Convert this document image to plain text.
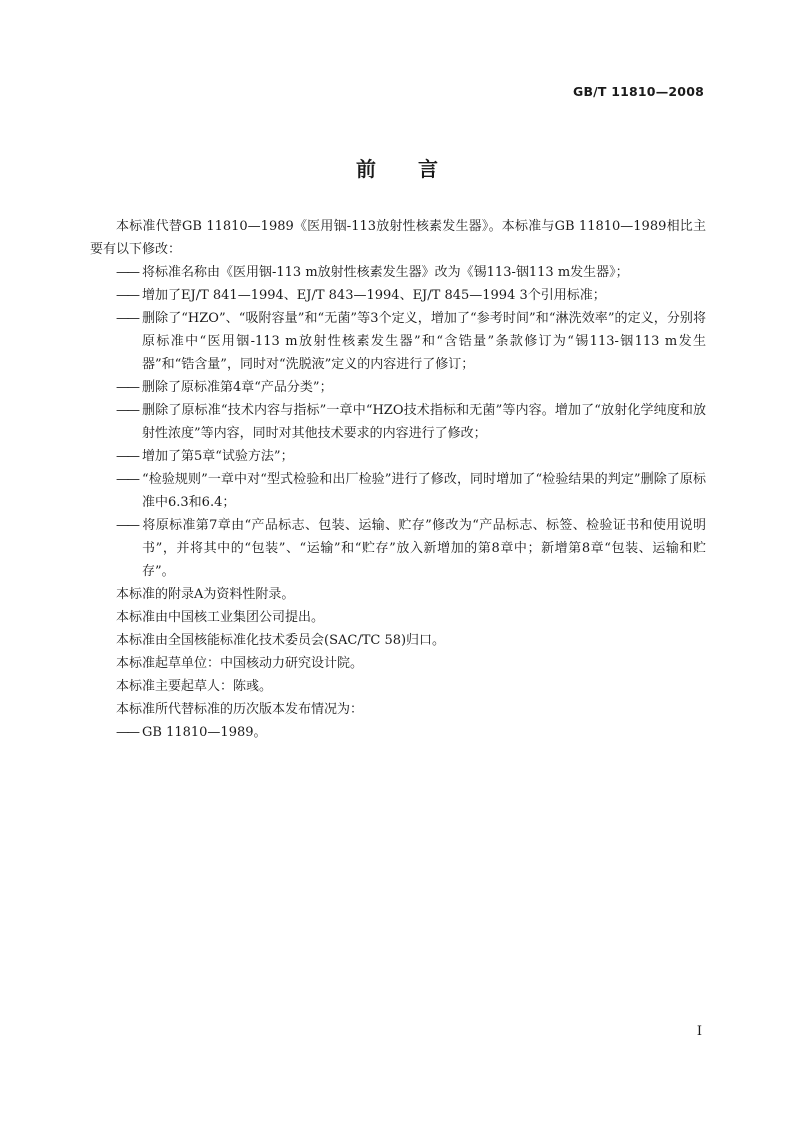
GB/T 11810—2008
前言

本标准代替GB 11810—1989《医用铟-113放射性核素发生器》。本标准与GB 11810—1989相比主要有以下修改：

—— 将标准名称由《医用铟-113 m放射性核素发生器》改为《锡113-铟113 m发生器》；

—— 增加了EJ/T 841—1994、EJ/T 843—1994、EJ/T 845—1994 3个引用标准；

—— 删除了“HZO”、“吸附容量”和“无菌”等3个定义，增加了“参考时间”和“淋洗效率”的定义，分别将原标准中“医用铟-113 m放射性核素发生器”和“含锆量”条款修订为“锡113-铟113 m发生器”和“锆含量”，同时对“洗脱液”定义的内容进行了修订；

—— 删除了原标准第4章“产品分类”；

—— 删除了原标准“技术内容与指标”一章中“HZO技术指标和无菌”等内容。增加了“放射化学纯度和放射性浓度”等内容，同时对其他技术要求的内容进行了修改；

—— 增加了第5章“试验方法”；

—— “检验规则”一章中对“型式检验和出厂检验”进行了修改，同时增加了“检验结果的判定”删除了原标准中6.3和6.4；

—— 将原标准第7章由“产品标志、包装、运输、贮存”修改为“产品标志、标签、检验证书和使用说明书”，并将其中的“包装”、“运输”和“贮存”放入新增加的第8章中；新增第8章“包装、运输和贮存”。

本标准的附录A为资料性附录。

本标准由中国核工业集团公司提出。

本标准由全国核能标准化技术委员会(SAC/TC 58)归口。

本标准起草单位：中国核动力研究设计院。

本标准主要起草人：陈彧。

本标准所代替标准的历次版本发布情况为：

—— GB 11810—1989。

I
